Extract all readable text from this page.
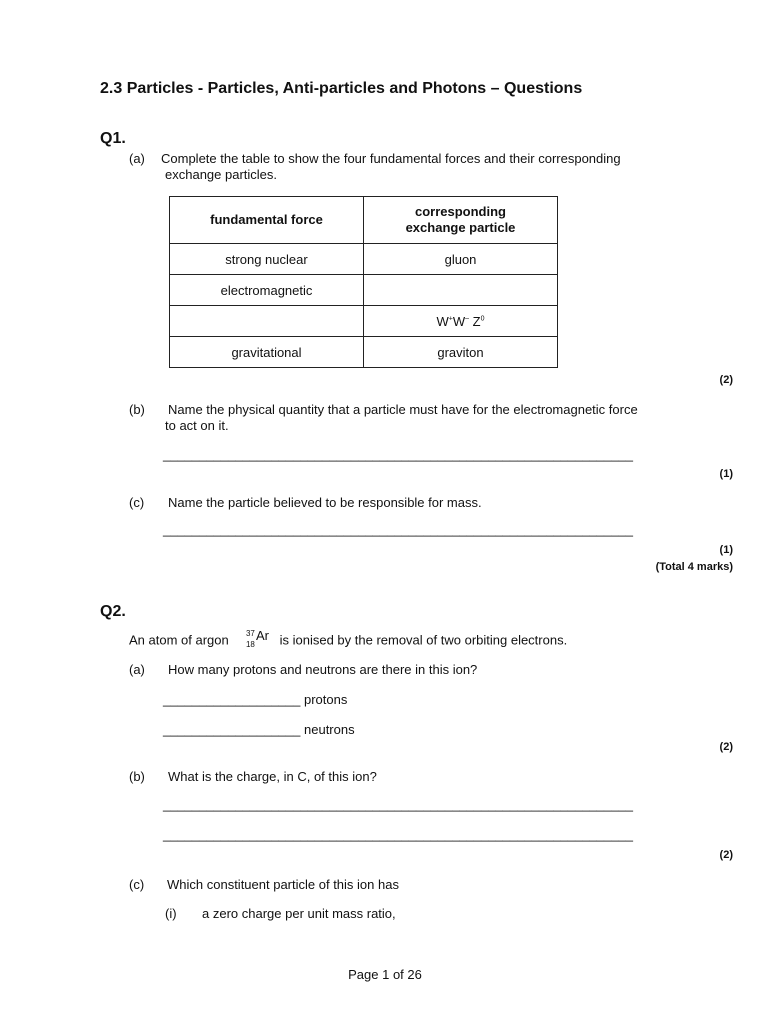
2.3 Particles - Particles, Anti-particles and Photons – Questions
Q1.
(a) Complete the table to show the four fundamental forces and their corresponding
exchange particles.
fundamental force	corresponding
exchange particle
strong nuclear	gluon
electromagnetic	
	W+W– $Z^0$
gravitational	graviton
(2)
(b) Name the physical quantity that a particle must have for the electromagnetic force
to act on it.
_________________________________________________________________
(1)
(c) Name the particle believed to be responsible for mass.
_________________________________________________________________
(1)
(Total 4 marks)
Q2.
An atom of argon 37
18
Ar is ionised by the removal of two orbiting electrons.
(a) How many protons and neutrons are there in this ion?
___________________ protons
___________________ neutrons
(2)
(b) What is the charge, in C, of this ion?
_________________________________________________________________
_________________________________________________________________
(2)
(c) Which constituent particle of this ion has
(i) a zero charge per unit mass ratio,
Page 1 of 26
